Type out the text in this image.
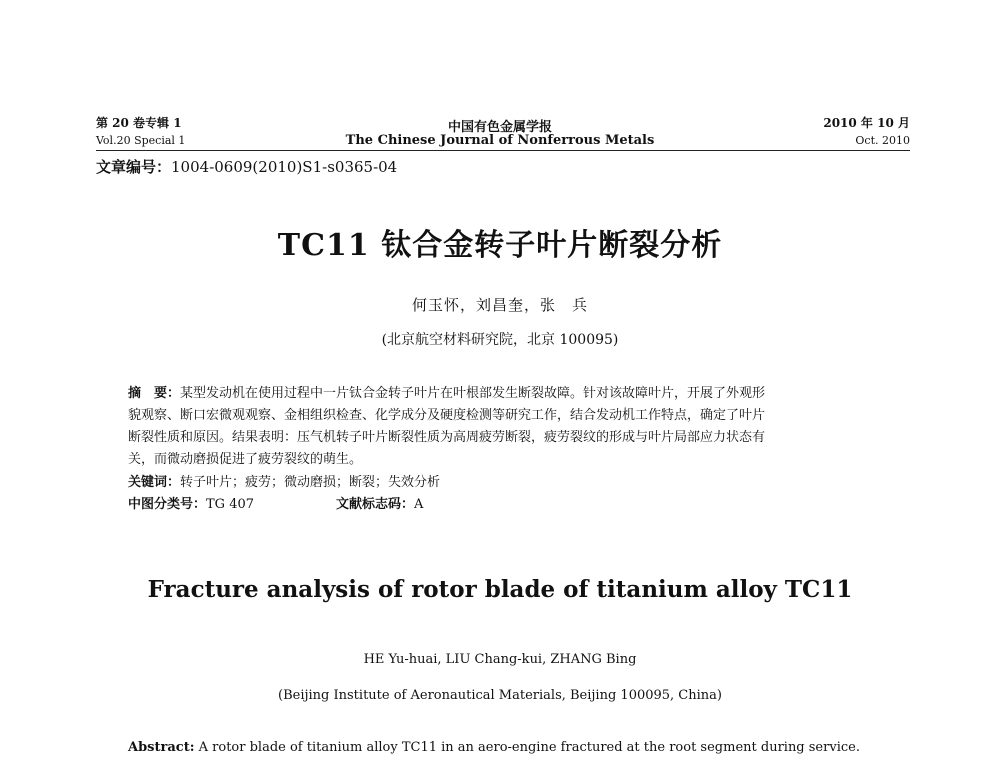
第 20 卷专辑 1
Vol.20 Special 1
中国有色金属学报
The Chinese Journal of Nonferrous Metals
2010 年 10 月
Oct. 2010
文章编号：1004-0609(2010)S1-s0365-04
TC11 钛合金转子叶片断裂分析
何玉怀，刘昌奎，张　兵
(北京航空材料研究院，北京 100095)
摘　要：某型发动机在使用过程中一片钛合金转子叶片在叶根部发生断裂故障。针对该故障叶片，开展了外观形
貌观察、断口宏微观观察、金相组织检查、化学成分及硬度检测等研究工作，结合发动机工作特点，确定了叶片
断裂性质和原因。结果表明：压气机转子叶片断裂性质为高周疲劳断裂，疲劳裂纹的形成与叶片局部应力状态有
关，而微动磨损促进了疲劳裂纹的萌生。
关键词：转子叶片；疲劳；微动磨损；断裂；失效分析
中图分类号：TG 407	文献标志码：A
Fracture analysis of rotor blade of titanium alloy TC11
HE Yu-huai, LIU Chang-kui, ZHANG Bing
(Beijing Institute of Aeronautical Materials, Beijing 100095, China)
Abstract: A rotor blade of titanium alloy TC11 in an aero-engine fractured at the root segment during service.
